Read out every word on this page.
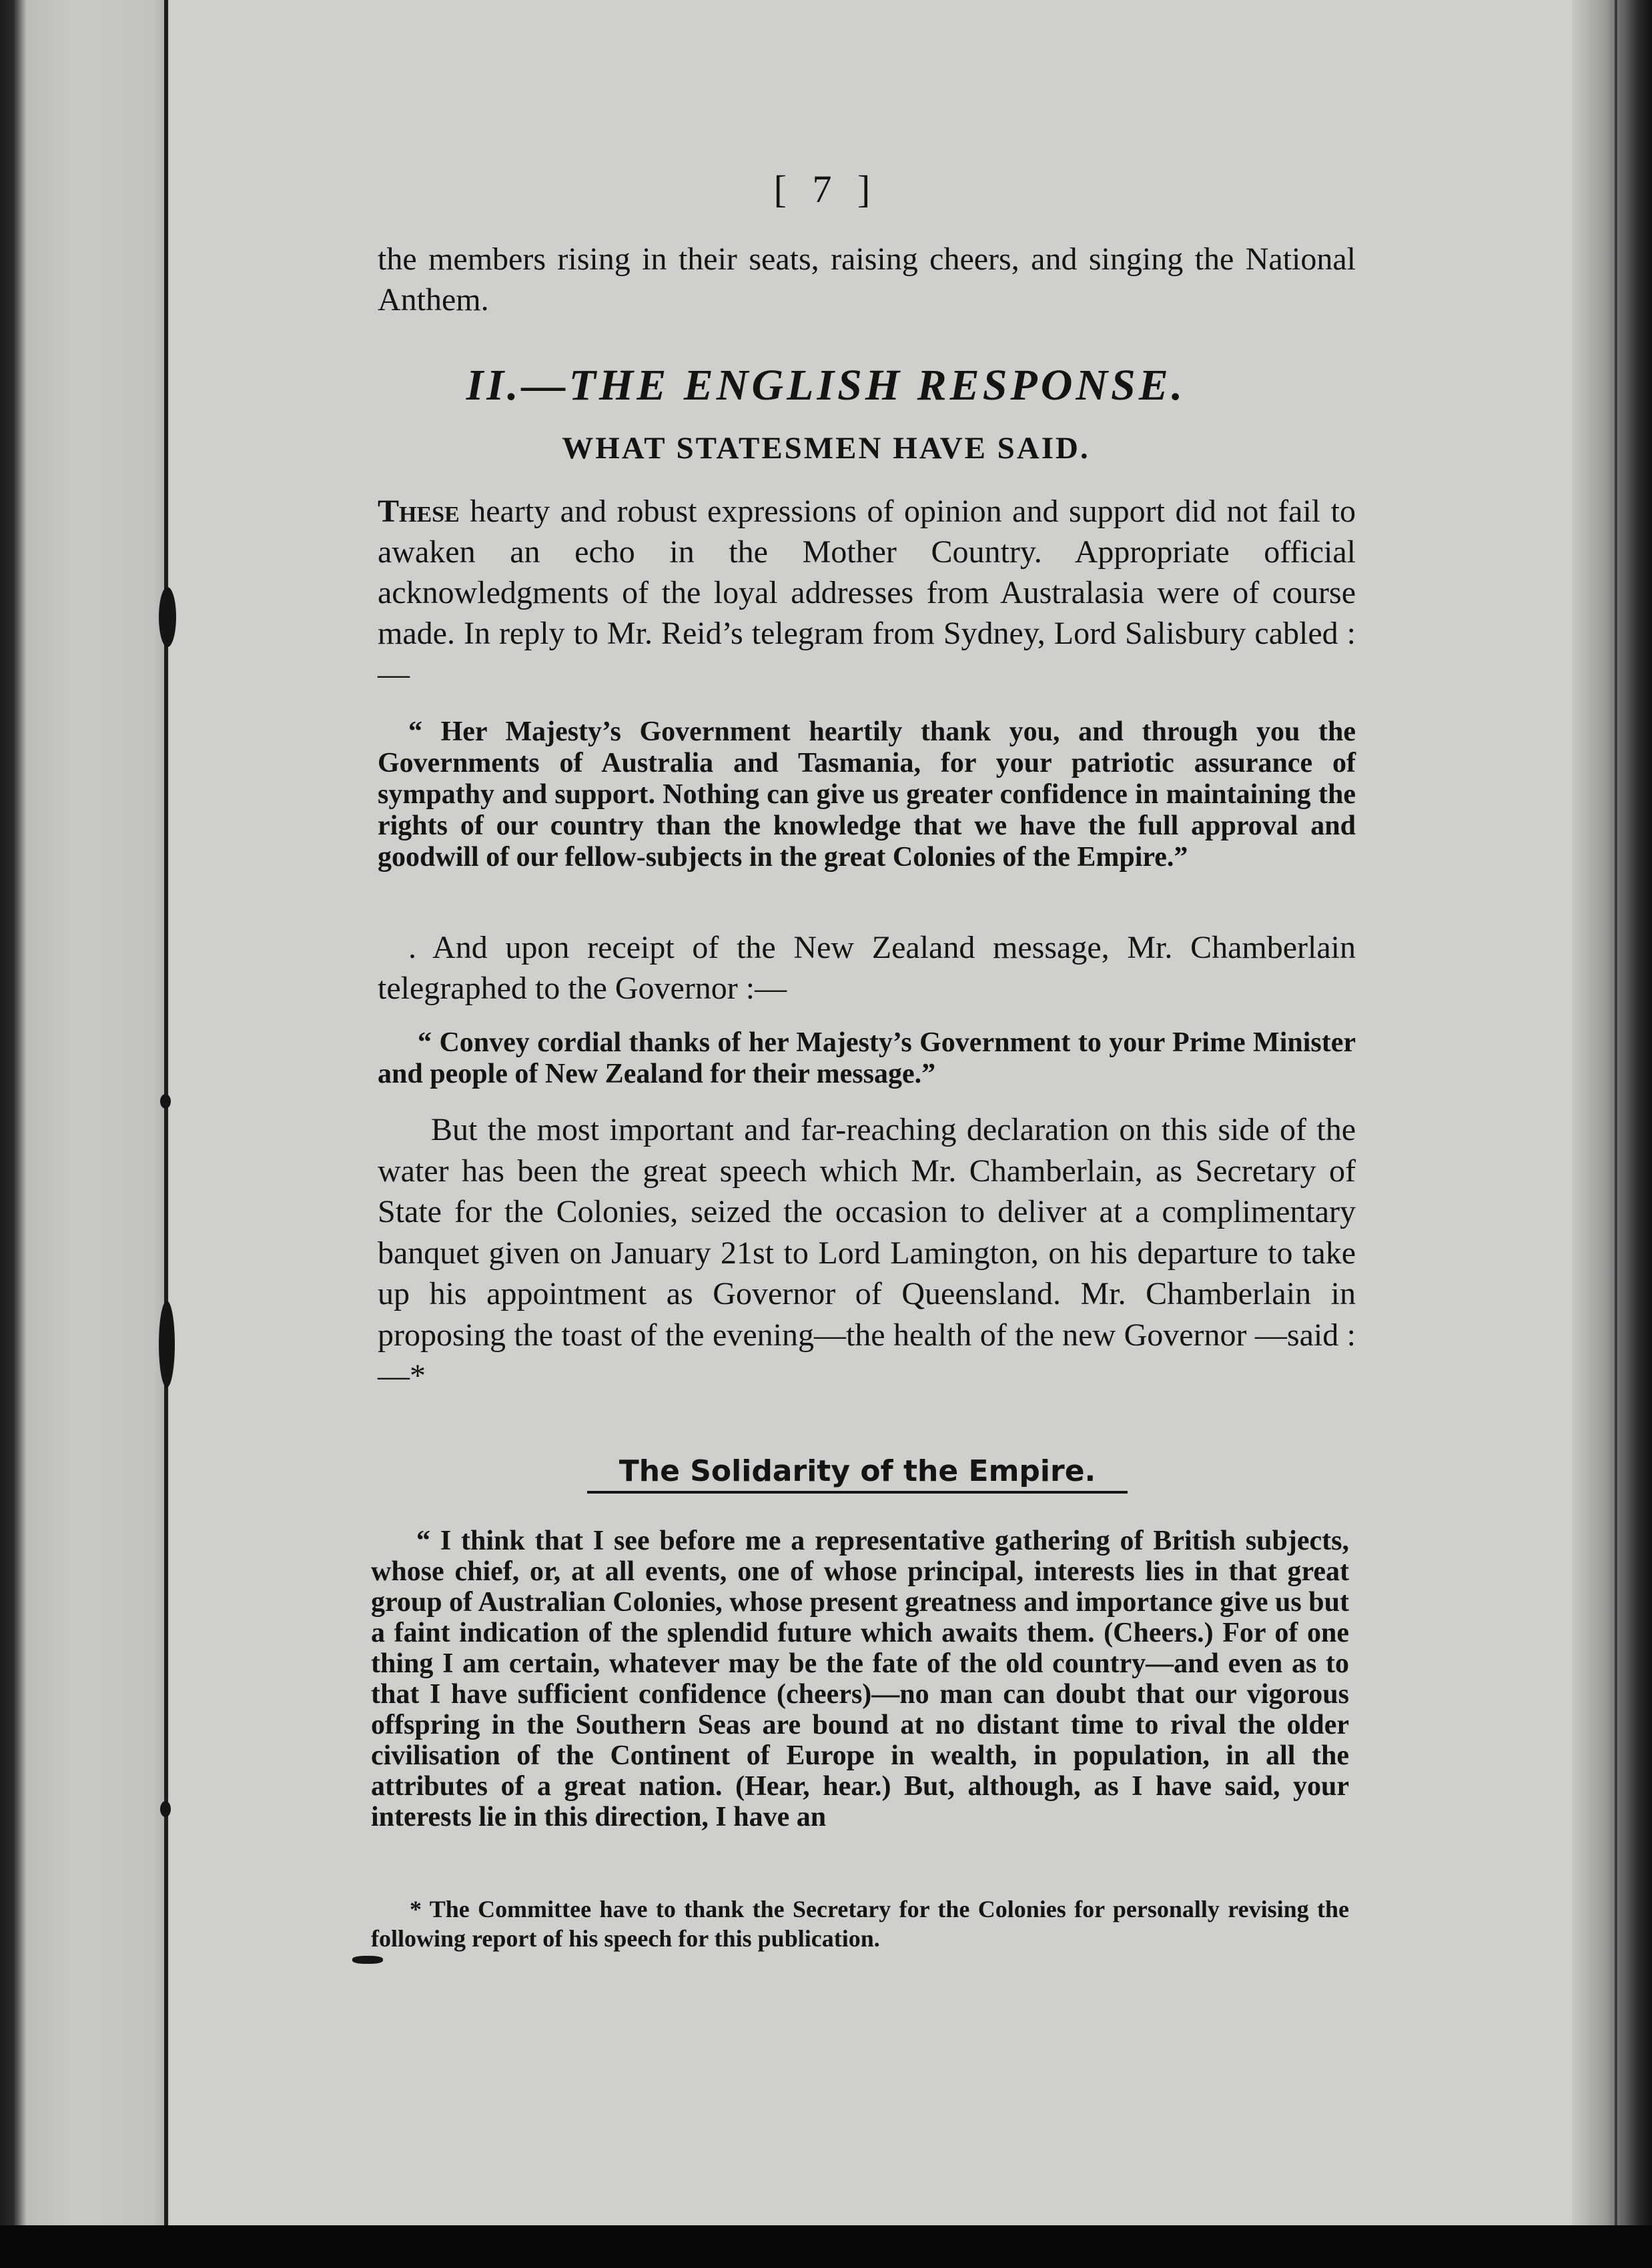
[ 7 ]
the members rising in their seats, raising cheers, and singing the National Anthem.
II.—THE ENGLISH RESPONSE.
WHAT STATESMEN HAVE SAID.
These hearty and robust expressions of opinion and support did not fail to awaken an echo in the Mother Country. Appropriate official acknowledgments of the loyal addresses from Australasia were of course made. In reply to Mr. Reid’s telegram from Sydney, Lord Salisbury cabled :—
“ Her Majesty’s Government heartily thank you, and through you the Governments of Australia and Tasmania, for your patriotic assurance of sympathy and support. Nothing can give us greater confidence in maintaining the rights of our country than the knowledge that we have the full approval and goodwill of our fellow-subjects in the great Colonies of the Empire.”
. And upon receipt of the New Zealand message, Mr. Chamberlain telegraphed to the Governor :—
“ Convey cordial thanks of her Majesty’s Government to your Prime Minister and people of New Zealand for their message.”
But the most important and far-reaching declaration on this side of the water has been the great speech which Mr. Chamberlain, as Secretary of State for the Colonies, seized the occasion to deliver at a complimentary banquet given on January 21st to Lord Lamington, on his departure to take up his appointment as Governor of Queensland. Mr. Chamberlain in proposing the toast of the evening—the health of the new Governor —said :—*
The Solidarity of the Empire.
“ I think that I see before me a representative gathering of British subjects, whose chief, or, at all events, one of whose principal, interests lies in that great group of Australian Colonies, whose present greatness and importance give us but a faint indication of the splendid future which awaits them. (Cheers.) For of one thing I am certain, whatever may be the fate of the old country—and even as to that I have sufficient confidence (cheers)—no man can doubt that our vigorous offspring in the Southern Seas are bound at no distant time to rival the older civilisation of the Continent of Europe in wealth, in population, in all the attributes of a great nation. (Hear, hear.) But, although, as I have said, your interests lie in this direction, I have an
* The Committee have to thank the Secretary for the Colonies for personally revising the following report of his speech for this publication.
